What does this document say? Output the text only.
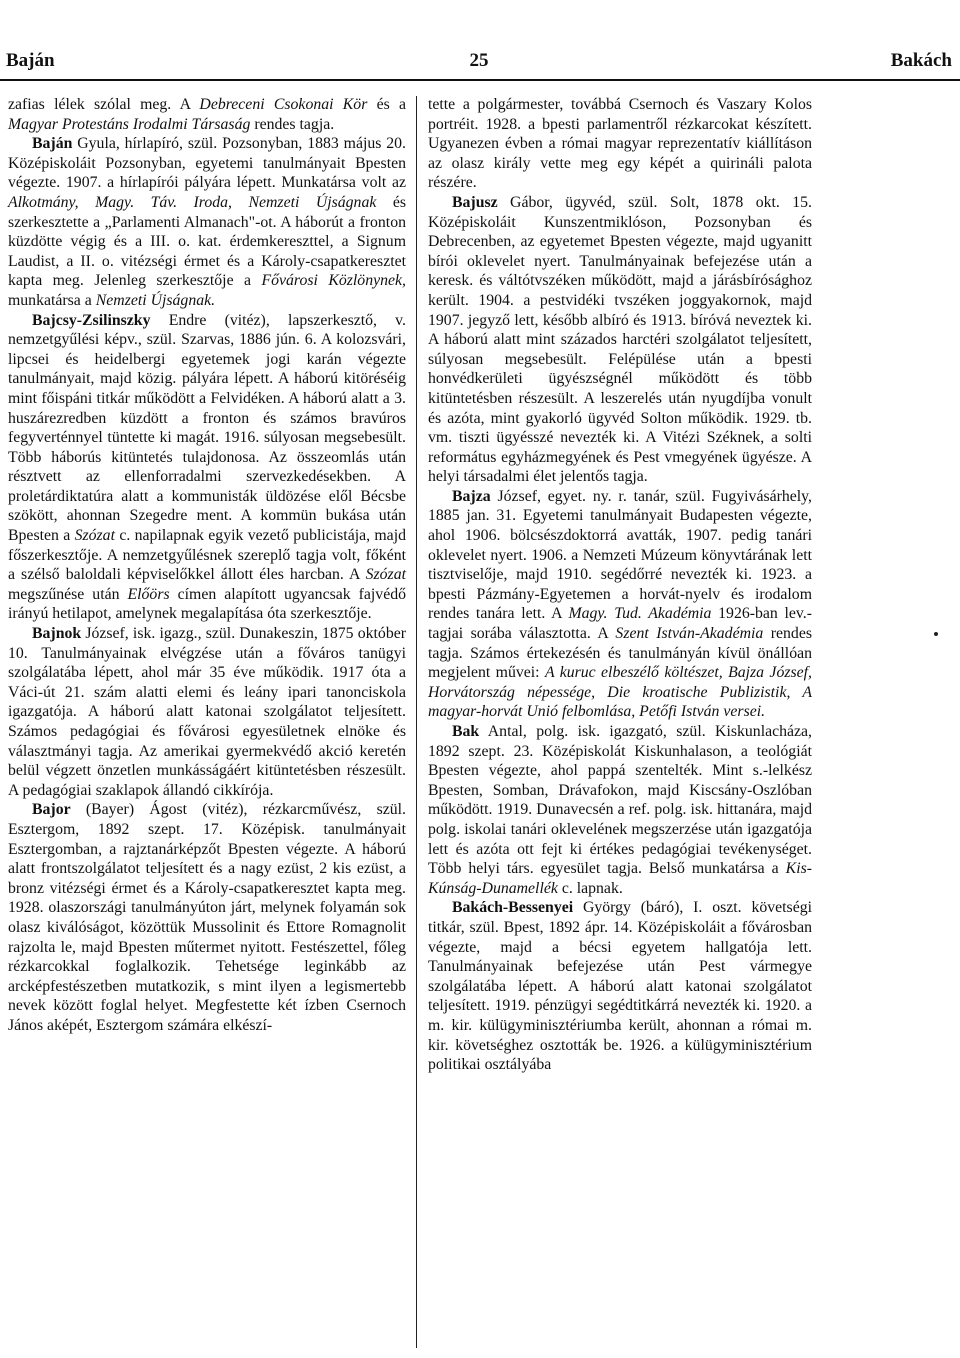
Baján	25	Bakách

zafias lélek szólal meg. A Debreceni Csokonai Kör és a Magyar Protestáns Irodalmi Társaság rendes tagja.

Baján Gyula, hírlapíró, szül. Pozsonyban, 1883 május 20. Középiskoláit Pozsonyban, egyetemi tanulmányait Bpesten végezte. 1907. a hírlapírói pályára lépett. Munkatársa volt az Alkotmány, Magy. Táv. Iroda, Nemzeti Újságnak és szerkesztette a „Parlamenti Almanach"-ot. A háborút a fronton küzdötte végig és a III. o. kat. érdemkereszttel, a Signum Laudist, a II. o. vitézségi érmet és a Károly-csapatkeresztet kapta meg. Jelenleg szerkesztője a Fővárosi Közlönynek, munkatársa a Nemzeti Újságnak.

Bajcsy-Zsilinszky Endre (vitéz), lapszerkesztő, v. nemzetgyűlési képv., szül. Szarvas, 1886 jún. 6. A kolozsvári, lipcsei és heidelbergi egyetemek jogi karán végezte tanulmányait, majd közig. pályára lépett. A háború kitöréséig mint főispáni titkár működött a Felvidéken. A háború alatt a 3. huszárezredben küzdött a fronton és számos bravúros fegyverténnyel tüntette ki magát. 1916. súlyosan megsebesült. Több háborús kitüntetés tulajdonosa. Az összeomlás után résztvett az ellenforradalmi szervezkedésekben. A proletárdiktatúra alatt a kommunisták üldözése elől Bécsbe szökött, ahonnan Szegedre ment. A kommün bukása után Bpesten a Szózat c. napilapnak egyik vezető publicistája, majd főszerkesztője. A nemzetgyűlésnek szereplő tagja volt, főként a szélső baloldali képviselőkkel állott éles harcban. A Szózat megszűnése után Előörs címen alapított ugyancsak fajvédő irányú hetilapot, amelynek megalapítása óta szerkesztője.

Bajnok József, isk. igazg., szül. Dunakeszin, 1875 október 10. Tanulmányainak elvégzése után a főváros tanügyi szolgálatába lépett, ahol már 35 éve működik. 1917 óta a Váci-út 21. szám alatti elemi és leány ipari tanonciskola igazgatója. A háború alatt katonai szolgálatot teljesített. Számos pedagógiai és fővárosi egyesületnek elnöke és választmányi tagja. Az amerikai gyermekvédő akció keretén belül végzett önzetlen munkásságáért kitüntetésben részesült. A pedagógiai szaklapok állandó cikkírója.

Bajor (Bayer) Ágost (vitéz), rézkarcművész, szül. Esztergom, 1892 szept. 17. Középisk. tanulmányait Esztergomban, a rajztanárképzőt Bpesten végezte. A háború alatt frontszolgálatot teljesített és a nagy ezüst, 2 kis ezüst, a bronz vitézségi érmet és a Károly-csapatkeresztet kapta meg. 1928. olaszországi tanulmányúton járt, melynek folyamán sok olasz kiválóságot, közöttük Mussolinit és Ettore Romagnolit rajzolta le, majd Bpesten műtermet nyitott. Festészettel, főleg rézkarcokkal foglalkozik. Tehetsége leginkább az arcképfestészetben mutatkozik, s mint ilyen a legismertebb nevek között foglal helyet. Megfestette két ízben Csernoch János aképét, Esztergom számára elkészí-

tette a polgármester, továbbá Csernoch és Vaszary Kolos portréit. 1928. a bpesti parlamentről rézkarcokat készített. Ugyanezen évben a római magyar reprezentatív kiállításon az olasz király vette meg egy képét a quirináli palota részére.

Bajusz Gábor, ügyvéd, szül. Solt, 1878 okt. 15. Középiskoláit Kunszentmiklóson, Pozsonyban és Debrecenben, az egyetemet Bpesten végezte, majd ugyanitt bírói oklevelet nyert. Tanulmányainak befejezése után a keresk. és váltótvszéken működött, majd a járásbírósághoz került. 1904. a pestvidéki tvszéken joggyakornok, majd 1907. jegyző lett, később albíró és 1913. bíróvá neveztek ki. A háború alatt mint százados harctéri szolgálatot teljesített, súlyosan megsebesült. Felépülése után a bpesti honvédkerületi ügyészségnél működött és több kitüntetésben részesült. A leszerelés után nyugdíjba vonult és azóta, mint gyakorló ügyvéd Solton működik. 1929. tb. vm. tiszti ügyésszé nevezték ki. A Vitézi Széknek, a solti református egyházmegyének és Pest vmegyének ügyésze. A helyi társadalmi élet jelentős tagja.

Bajza József, egyet. ny. r. tanár, szül. Fugyivásárhely, 1885 jan. 31. Egyetemi tanulmányait Budapesten végezte, ahol 1906. bölcsészdoktorrá avatták, 1907. pedig tanári oklevelet nyert. 1906. a Nemzeti Múzeum könyvtárának lett tisztviselője, majd 1910. segédőrré nevezték ki. 1923. a bpesti Pázmány-Egyetemen a horvát-nyelv és irodalom rendes tanára lett. A Magy. Tud. Akadémia 1926-ban lev.-tagjai sorába választotta. A Szent István-Akadémia rendes tagja. Számos értekezésén és tanulmányán kívül önállóan megjelent művei: A kuruc elbeszélő költészet, Bajza József, Horvátország népessége, Die kroatische Publizistik, A magyar-horvát Unió felbomlása, Petőfi István versei.

Bak Antal, polg. isk. igazgató, szül. Kiskunlacháza, 1892 szept. 23. Középiskolát Kiskunhalason, a teológiát Bpesten végezte, ahol pappá szentelték. Mint s.-lelkész Bpesten, Somban, Drávafokon, majd Kiscsány-Oszlóban működött. 1919. Dunavecsén a ref. polg. isk. hittanára, majd polg. iskolai tanári oklevelének megszerzése után igazgatója lett és azóta ott fejt ki értékes pedagógiai tevékenységet. Több helyi társ. egyesület tagja. Belső munkatársa a Kis-Kúnság-Dunamellék c. lapnak.

Bakách-Bessenyei György (báró), I. oszt. követségi titkár, szül. Bpest, 1892 ápr. 14. Középiskoláit a fővárosban végezte, majd a bécsi egyetem hallgatója lett. Tanulmányainak befejezése után Pest vármegye szolgálatába lépett. A háború alatt katonai szolgálatot teljesített. 1919. pénzügyi segédtitkárrá nevezték ki. 1920. a m. kir. külügyminisztériumba került, ahonnan a római m. kir. követséghez osztották be. 1926. a külügyminisztérium politikai osztályába
